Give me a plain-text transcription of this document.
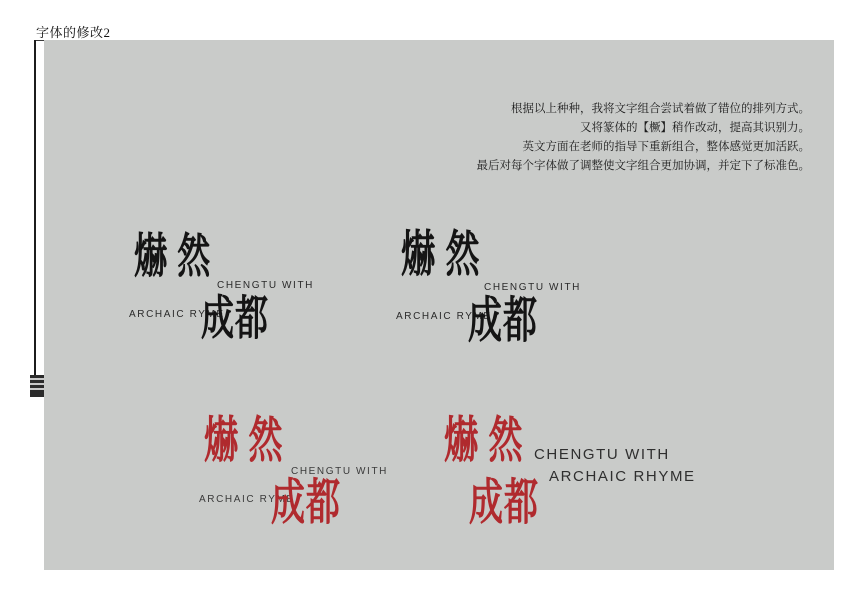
字体的修改2
根据以上种种，我将文字组合尝试着做了错位的排列方式。
又将篆体的【橛】稍作改动，提高其识别力。
英文方面在老师的指导下重新组合，整体感觉更加活跃。
最后对每个字体做了调整使文字组合更加协调，并定下了标准色。
爀 然
CHENGTU WITH
ARCHAIC RYME
成都
爀 然
CHENGTU WITH
ARCHAIC RYME
成都
爀 然
CHENGTU WITH
ARCHAIC RYME
成都
爀 然 CHENGTU WITH
ARCHAIC RHYME
成都
